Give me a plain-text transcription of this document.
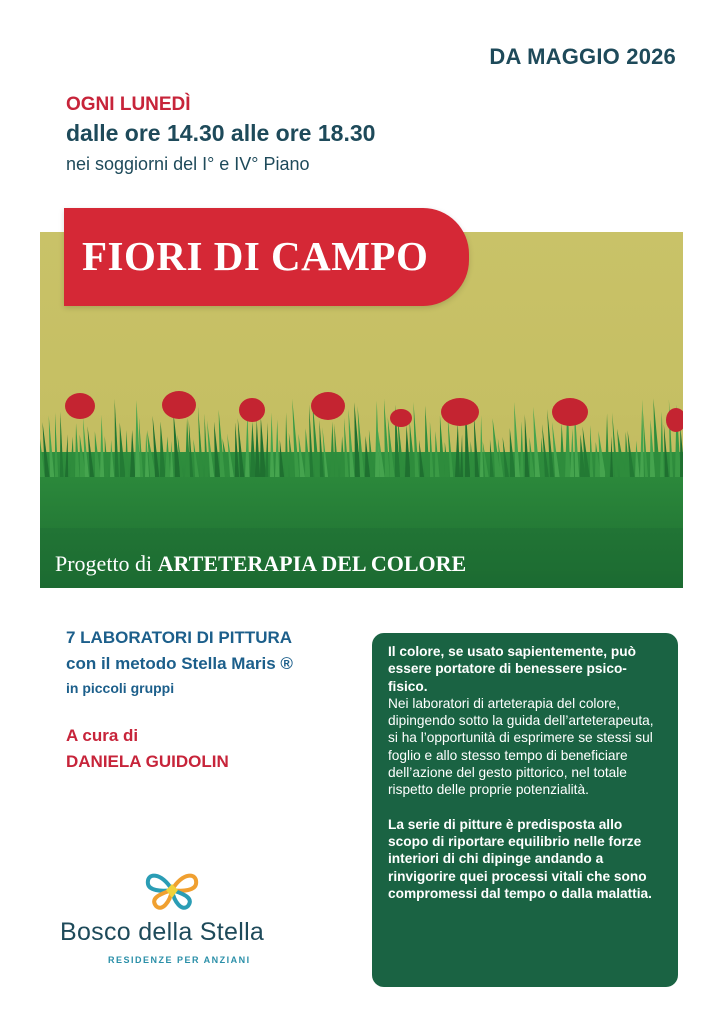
DA MAGGIO 2026
OGNI LUNEDÌ
dalle ore 14.30 alle ore 18.30
nei soggiorni del I° e IV° Piano
FIORI DI CAMPO
Progetto di ARTETERAPIA DEL COLORE
7 LABORATORI DI PITTURA
con il metodo Stella Maris ®
in piccoli gruppi
A cura di
DANIELA GUIDOLIN

Il colore, se usato sapientemente, può essere portatore di benessere psico-fisico.

Nei laboratori di arteterapia del colore, dipingendo sotto la guida dell’arteterapeuta, si ha l’opportunità di esprimere se stessi sul foglio e allo stesso tempo di beneficiare dell’azione del gesto pittorico, nel totale rispetto delle proprie potenzialità.

La serie di pitture è predisposta allo scopo di riportare equilibrio nelle forze interiori di chi dipinge andando a rinvigorire quei processi vitali che sono compromessi dal tempo o dalla malattia.

Bosco della Stella
RESIDENZE PER ANZIANI
